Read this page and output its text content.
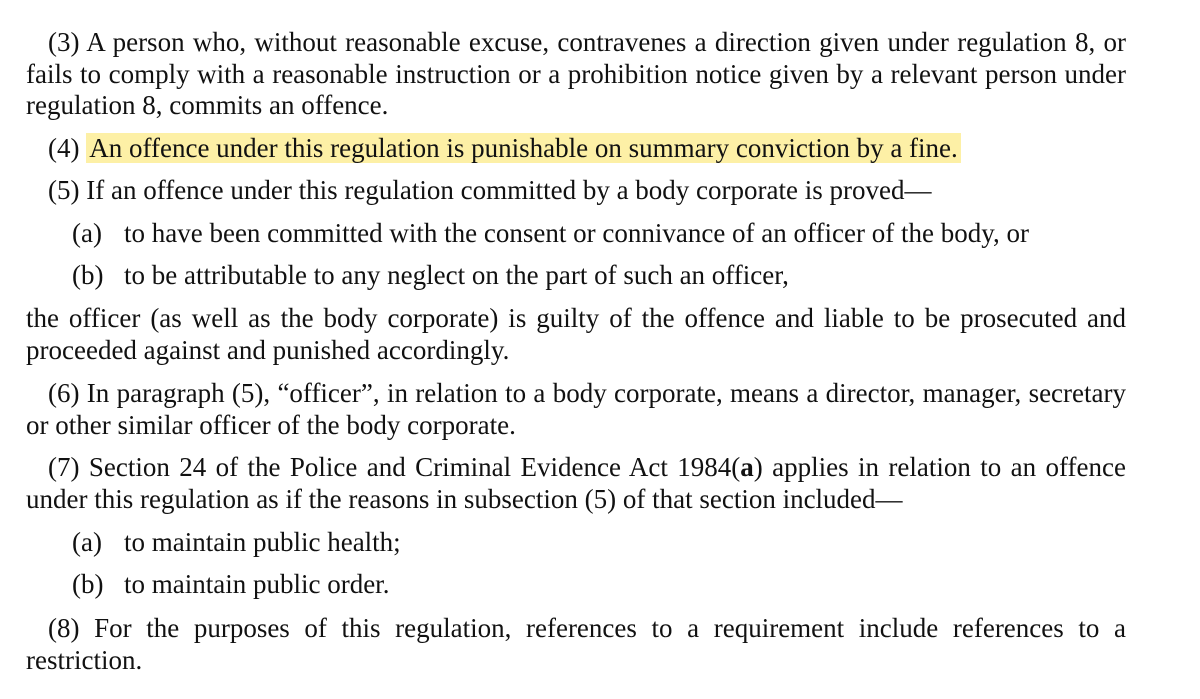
(3) A person who, without reasonable excuse, contravenes a direction given under regulation 8, or fails to comply with a reasonable instruction or a prohibition notice given by a relevant person under regulation 8, commits an offence.
(4) An offence under this regulation is punishable on summary conviction by a fine.
(5) If an offence under this regulation committed by a body corporate is proved—
(a) to have been committed with the consent or connivance of an officer of the body, or
(b) to be attributable to any neglect on the part of such an officer,
the officer (as well as the body corporate) is guilty of the offence and liable to be prosecuted and proceeded against and punished accordingly.
(6) In paragraph (5), “officer”, in relation to a body corporate, means a director, manager, secretary or other similar officer of the body corporate.
(7) Section 24 of the Police and Criminal Evidence Act 1984(a) applies in relation to an offence under this regulation as if the reasons in subsection (5) of that section included—
(a) to maintain public health;
(b) to maintain public order.
(8) For the purposes of this regulation, references to a requirement include references to a restriction.
